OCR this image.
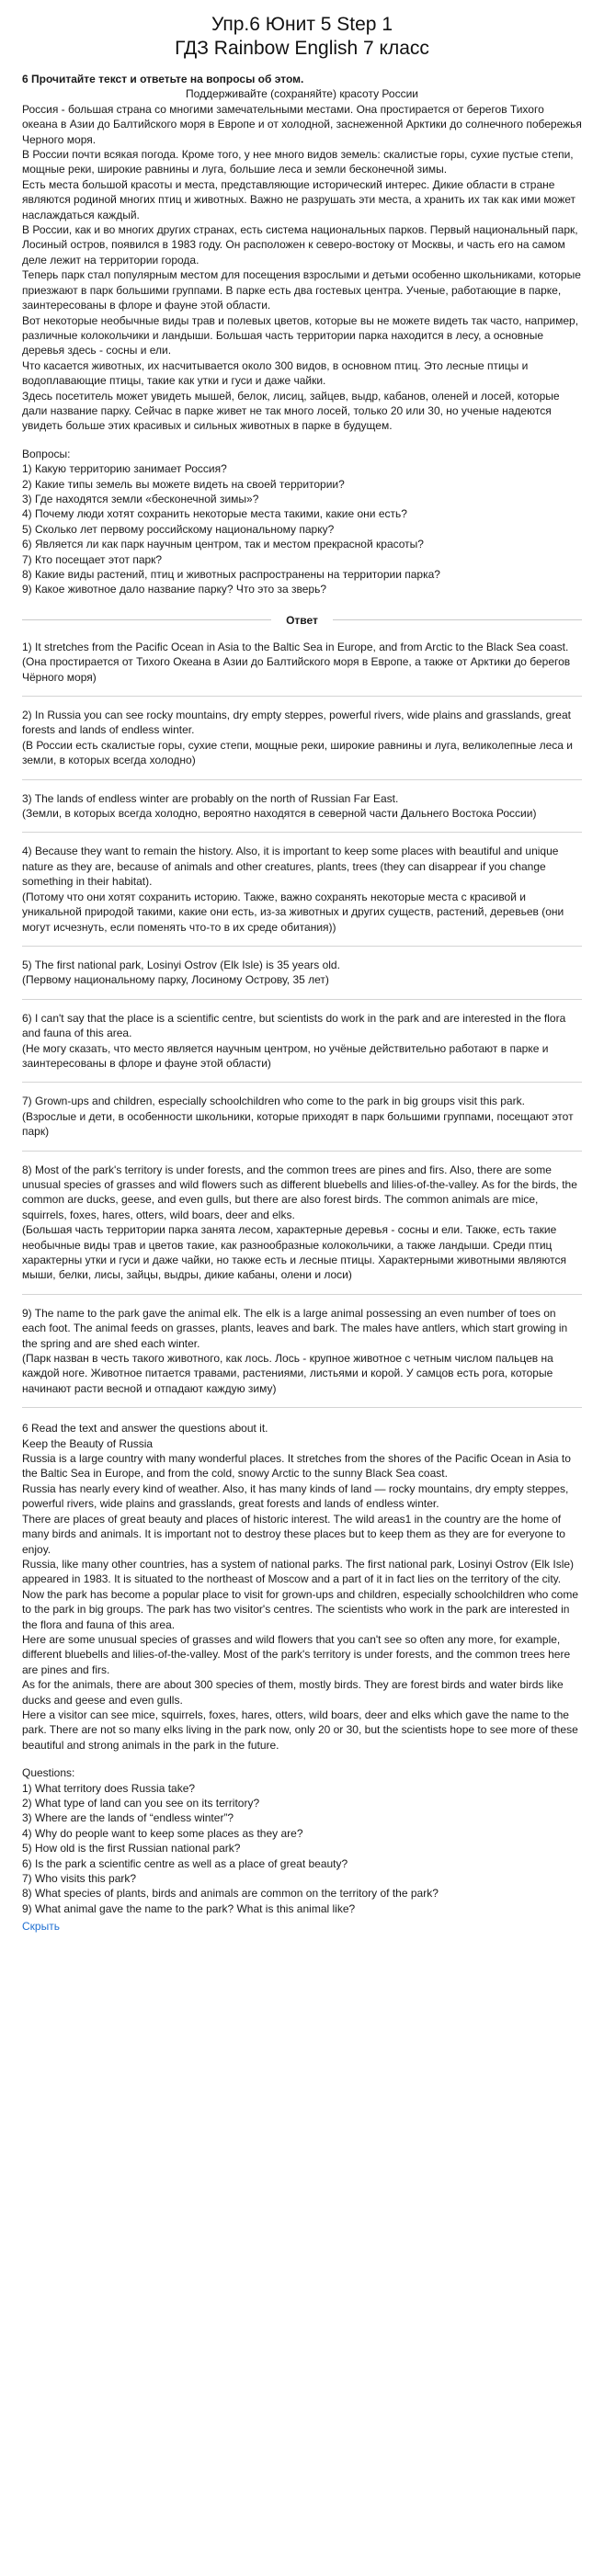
Упр.6 Юнит 5 Step 1
ГДЗ Rainbow English 7 класс

6 Прочитайте текст и ответьте на вопросы об этом.

Поддерживайте (сохраняйте) красоту России

Россия - большая страна со многими замечательными местами. Она простирается от берегов Тихого океана в Азии до Балтийского моря в Европе и от холодной, заснеженной Арктики до солнечного побережья Черного моря.

В России почти всякая погода. Кроме того, у нее много видов земель: скалистые горы, сухие пустые степи, мощные реки, широкие равнины и луга, большие леса и земли бесконечной зимы.

Есть места большой красоты и места, представляющие исторический интерес. Дикие области в стране являются родиной многих птиц и животных. Важно не разрушать эти места, а хранить их так как ими может наслаждаться каждый.

В России, как и во многих других странах, есть система национальных парков. Первый национальный парк, Лосиный остров, появился в 1983 году. Он расположен к северо-востоку от Москвы, и часть его на самом деле лежит на территории города.

Теперь парк стал популярным местом для посещения взрослыми и детьми особенно школьниками, которые приезжают в парк большими группами. В парке есть два гостевых центра. Ученые, работающие в парке, заинтересованы в флоре и фауне этой области.

Вот некоторые необычные виды трав и полевых цветов, которые вы не можете видеть так часто, например, различные колокольчики и ландыши. Большая часть территории парка находится в лесу, а основные деревья здесь - сосны и ели.

Что касается животных, их насчитывается около 300 видов, в основном птиц. Это лесные птицы и водоплавающие птицы, такие как утки и гуси и даже чайки.

Здесь посетитель может увидеть мышей, белок, лисиц, зайцев, выдр, кабанов, оленей и лосей, которые дали название парку. Сейчас в парке живет не так много лосей, только 20 или 30, но ученые надеются увидеть больше этих красивых и сильных животных в парке в будущем.

Вопросы:

1) Какую территорию занимает Россия?

2) Какие типы земель вы можете видеть на своей территории?

3) Где находятся земли «бесконечной зимы»?

4) Почему люди хотят сохранить некоторые места такими, какие они есть?

5) Сколько лет первому российскому национальному парку?

6) Является ли как парк научным центром, так и местом прекрасной красоты?

7) Кто посещает этот парк?

8) Какие виды растений, птиц и животных распространены на территории парка?

9) Какое животное дало название парку? Что это за зверь?

Ответ

1) It stretches from the Pacific Ocean in Asia to the Baltic Sea in Europe, and from Arctic to the Black Sea coast.

(Она простирается от Тихого Океана в Азии до Балтийского моря в Европе, а также от Арктики до берегов Чёрного моря)

2) In Russia you can see rocky mountains, dry empty steppes, powerful rivers, wide plains and grasslands, great forests and lands of endless winter.

(В России есть скалистые горы, сухие степи, мощные реки, широкие равнины и луга, великолепные леса и земли, в которых всегда холодно)

3) The lands of endless winter are probably on the north of Russian Far East.

(Земли, в которых всегда холодно, вероятно находятся в северной части Дальнего Востока России)

4) Because they want to remain the history. Also, it is important to keep some places with beautiful and unique nature as they are, because of animals and other creatures, plants, trees (they can disappear if you change something in their habitat).

(Потому что они хотят сохранить историю. Также, важно сохранять некоторые места с красивой и уникальной природой такими, какие они есть, из-за животных и других существ, растений, деревьев (они могут исчезнуть, если поменять что-то в их среде обитания))

5) The first national park, Losinyi Ostrov (Elk Isle) is 35 years old.

(Первому национальному парку, Лосиному Острову, 35 лет)

6) I can't say that the place is a scientific centre, but scientists do work in the park and are interested in the flora and fauna of this area.

(Не могу сказать, что место является научным центром, но учёные действительно работают в парке и заинтересованы в флоре и фауне этой области)

7) Grown-ups and children, especially schoolchildren who come to the park in big groups visit this park.

(Взрослые и дети, в особенности школьники, которые приходят в парк большими группами, посещают этот парк)

8) Most of the park's territory is under forests, and the common trees are pines and firs. Also, there are some unusual species of grasses and wild flowers such as different bluebells and lilies-of-the-valley. As for the birds, the common are ducks, geese, and even gulls, but there are also forest birds. The common animals are mice, squirrels, foxes, hares, otters, wild boars, deer and elks.

(Большая часть территории парка занята лесом, характерные деревья - сосны и ели. Также, есть такие необычные виды трав и цветов такие, как разнообразные колокольчики, а также ландыши. Среди птиц характерны утки и гуси и даже чайки, но также есть и лесные птицы. Характерными животными являются мыши, белки, лисы, зайцы, выдры, дикие кабаны, олени и лоси)

9) The name to the park gave the animal elk. The elk is a large animal possessing an even number of toes on each foot. The animal feeds on grasses, plants, leaves and bark. The males have antlers, which start growing in the spring and are shed each winter.

(Парк назван в честь такого животного, как лось. Лось - крупное животное с четным числом пальцев на каждой ноге. Животное питается травами, растениями, листьями и корой. У самцов есть рога, которые начинают расти весной и отпадают каждую зиму)

6 Read the text and answer the questions about it.

Keep the Beauty of Russia

Russia is a large country with many wonderful places. It stretches from the shores of the Pacific Ocean in Asia to the Baltic Sea in Europe, and from the cold, snowy Arctic to the sunny Black Sea coast.

Russia has nearly every kind of weather. Also, it has many kinds of land — rocky mountains, dry empty steppes, powerful rivers, wide plains and grasslands, great forests and lands of endless winter.

There are places of great beauty and places of historic interest. The wild areas1 in the country are the home of many birds and animals. It is important not to destroy these places but to keep them as they are for everyone to enjoy.

Russia, like many other countries, has a system of national parks. The first national park, Losinyi Ostrov (Elk Isle) appeared in 1983. It is situated to the northeast of Moscow and a part of it in fact lies on the territory of the city.

Now the park has become a popular place to visit for grown-ups and children, especially schoolchildren who come to the park in big groups. The park has two visitor's centres. The scientists who work in the park are interested in the flora and fauna of this area.

Here are some unusual species of grasses and wild flowers that you can't see so often any more, for example, different bluebells and lilies-of-the-valley. Most of the park's territory is under forests, and the common trees here are pines and firs.

As for the animals, there are about 300 species of them, mostly birds. They are forest birds and water birds like ducks and geese and even gulls.

Here a visitor can see mice, squirrels, foxes, hares, otters, wild boars, deer and elks which gave the name to the park. There are not so many elks living in the park now, only 20 or 30, but the scientists hope to see more of these beautiful and strong animals in the park in the future.

Questions:

1) What territory does Russia take?

2) What type of land can you see on its territory?

3) Where are the lands of “endless winter”?

4) Why do people want to keep some places as they are?

5) How old is the first Russian national park?

6) Is the park a scientific centre as well as a place of great beauty?

7) Who visits this park?

8) What species of plants, birds and animals are common on the territory of the park?

9) What animal gave the name to the park? What is this animal like?

Скрыть
